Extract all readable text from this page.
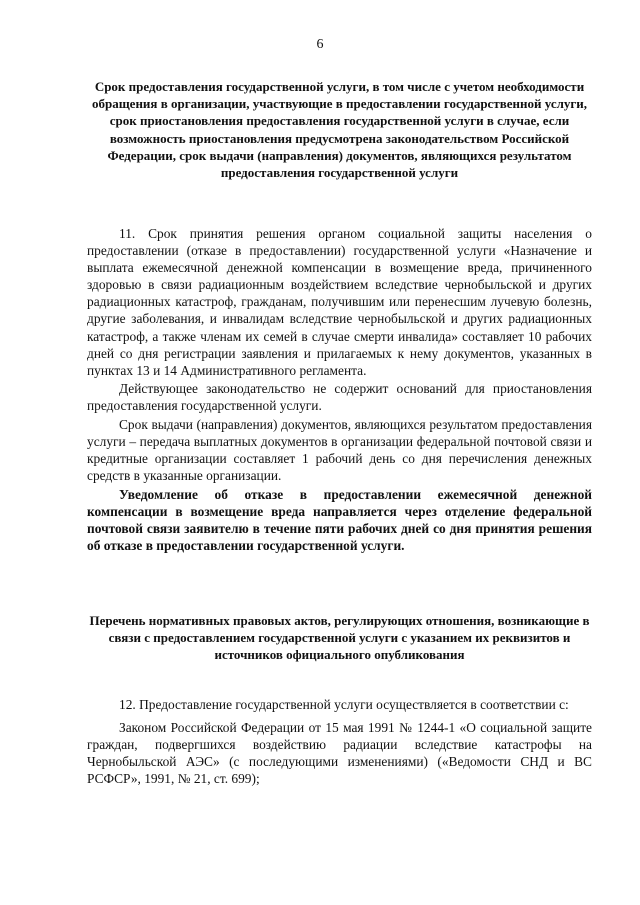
6

Срок предоставления государственной услуги, в том числе с учетом необходимости обращения в организации, участвующие в предоставлении государственной услуги, срок приостановления предоставления государственной услуги в случае, если возможность приостановления предусмотрена законодательством Российской Федерации, срок выдачи (направления) документов, являющихся результатом предоставления государственной услуги

11. Срок принятия решения органом социальной защиты населения о предоставлении (отказе в предоставлении) государственной услуги «Назначение и выплата ежемесячной денежной компенсации в возмещение вреда, причиненного здоровью в связи радиационным воздействием вследствие чернобыльской и других радиационных катастроф, гражданам, получившим или перенесшим лучевую болезнь, другие заболевания, и инвалидам вследствие чернобыльской и других радиационных катастроф, а также членам их семей в случае смерти инвалида» составляет 10 рабочих дней со дня регистрации заявления и прилагаемых к нему документов, указанных в пунктах 13 и 14 Административного регламента.

Действующее законодательство не содержит оснований для приостановления предоставления государственной услуги.

Срок выдачи (направления) документов, являющихся результатом предоставления услуги – передача выплатных документов в организации федеральной почтовой связи и кредитные организации составляет 1 рабочий день со дня перечисления денежных средств в указанные организации.

Уведомление об отказе в предоставлении ежемесячной денежной компенсации в возмещение вреда направляется через отделение федеральной почтовой связи заявителю в течение пяти рабочих дней со дня принятия решения об отказе в предоставлении государственной услуги.

Перечень нормативных правовых актов, регулирующих отношения, возникающие в связи с предоставлением государственной услуги с указанием их реквизитов и источников официального опубликования

12. Предоставление государственной услуги осуществляется в соответствии с:

Законом Российской Федерации от 15 мая 1991 № 1244-1 «О социальной защите граждан, подвергшихся воздействию радиации вследствие катастрофы на Чернобыльской АЭС» (с последующими изменениями) («Ведомости СНД и ВС РСФСР», 1991, № 21, ст. 699);
